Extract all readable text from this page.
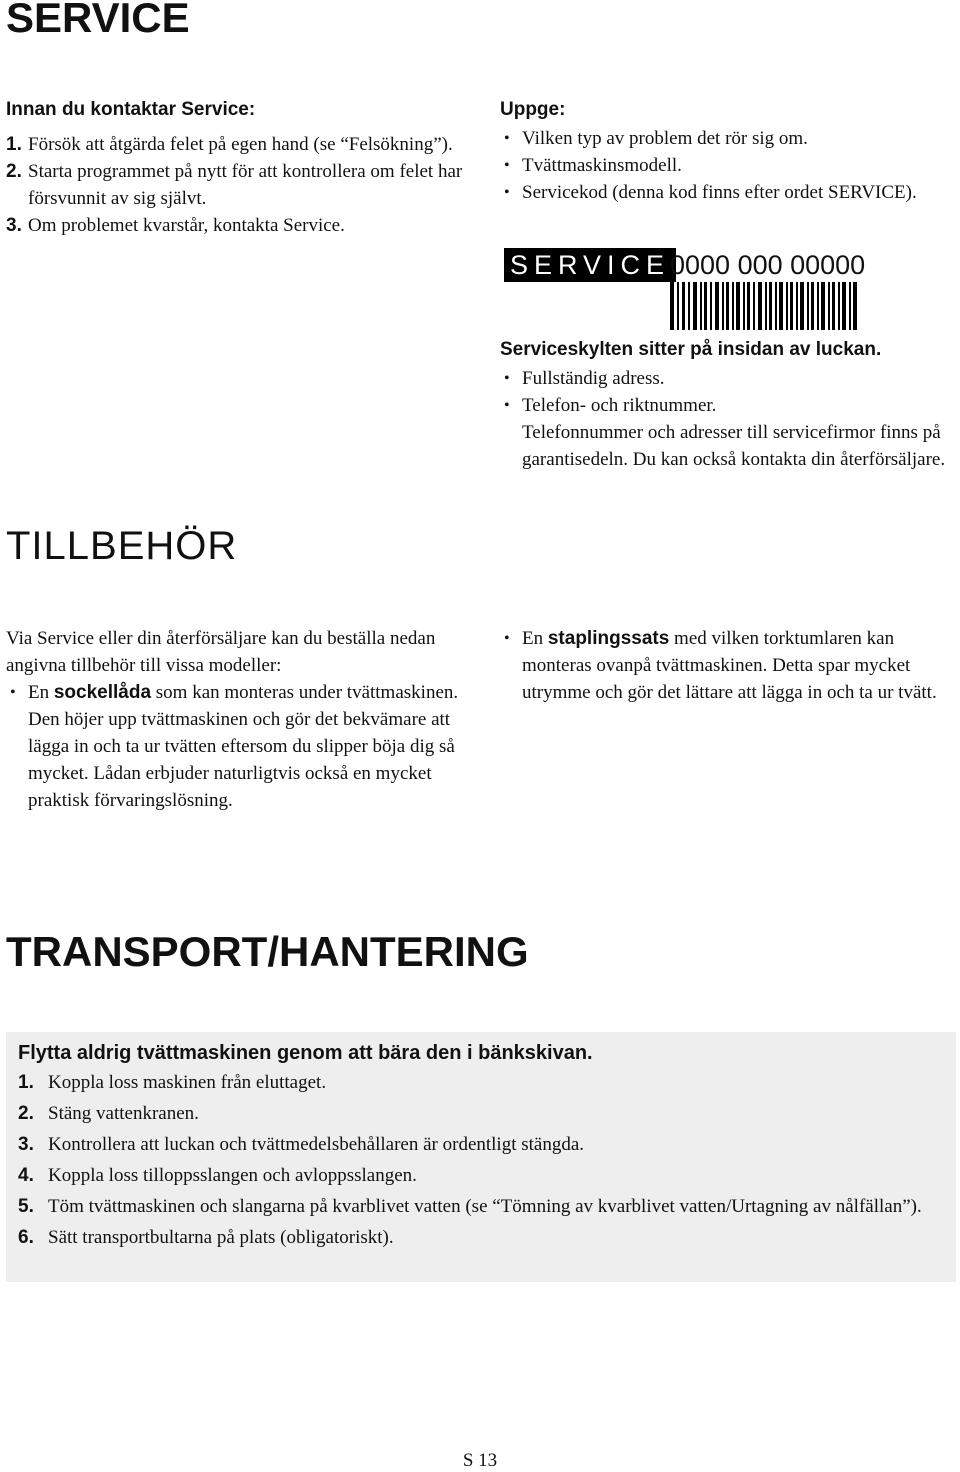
SERVICE
Innan du kontaktar Service:
1. Försök att åtgärda felet på egen hand (se “Felsökning”).
2. Starta programmet på nytt för att kontrollera om felet har försvunnit av sig självt.
3. Om problemet kvarstår, kontakta Service.
Uppge:
• Vilken typ av problem det rör sig om.
• Tvättmaskinsmodell.
• Servicekod (denna kod finns efter ordet SERVICE).
SERVICE 0000 000 00000
Serviceskylten sitter på insidan av luckan.
• Fullständig adress.
• Telefon- och riktnummer.
Telefonnummer och adresser till servicefirmor finns på garantisedeln. Du kan också kontakta din återförsäljare.
TILLBEHÖR
Via Service eller din återförsäljare kan du beställa nedan angivna tillbehör till vissa modeller:
• En sockellåda som kan monteras under tvättmaskinen. Den höjer upp tvättmaskinen och gör det bekvämare att lägga in och ta ur tvätten eftersom du slipper böja dig så mycket. Lådan erbjuder naturligtvis också en mycket praktisk förvaringslösning.
• En staplingssats med vilken torktumlaren kan monteras ovanpå tvättmaskinen. Detta spar mycket utrymme och gör det lättare att lägga in och ta ur tvätt.
TRANSPORT/HANTERING
Flytta aldrig tvättmaskinen genom att bära den i bänkskivan.
1. Koppla loss maskinen från eluttaget.
2. Stäng vattenkranen.
3. Kontrollera att luckan och tvättmedelsbehållaren är ordentligt stängda.
4. Koppla loss tilloppsslangen och avloppsslangen.
5. Töm tvättmaskinen och slangarna på kvarblivet vatten (se “Tömning av kvarblivet vatten/Urtagning av nålfällan”).
6. Sätt transportbultarna på plats (obligatoriskt).
S 13
